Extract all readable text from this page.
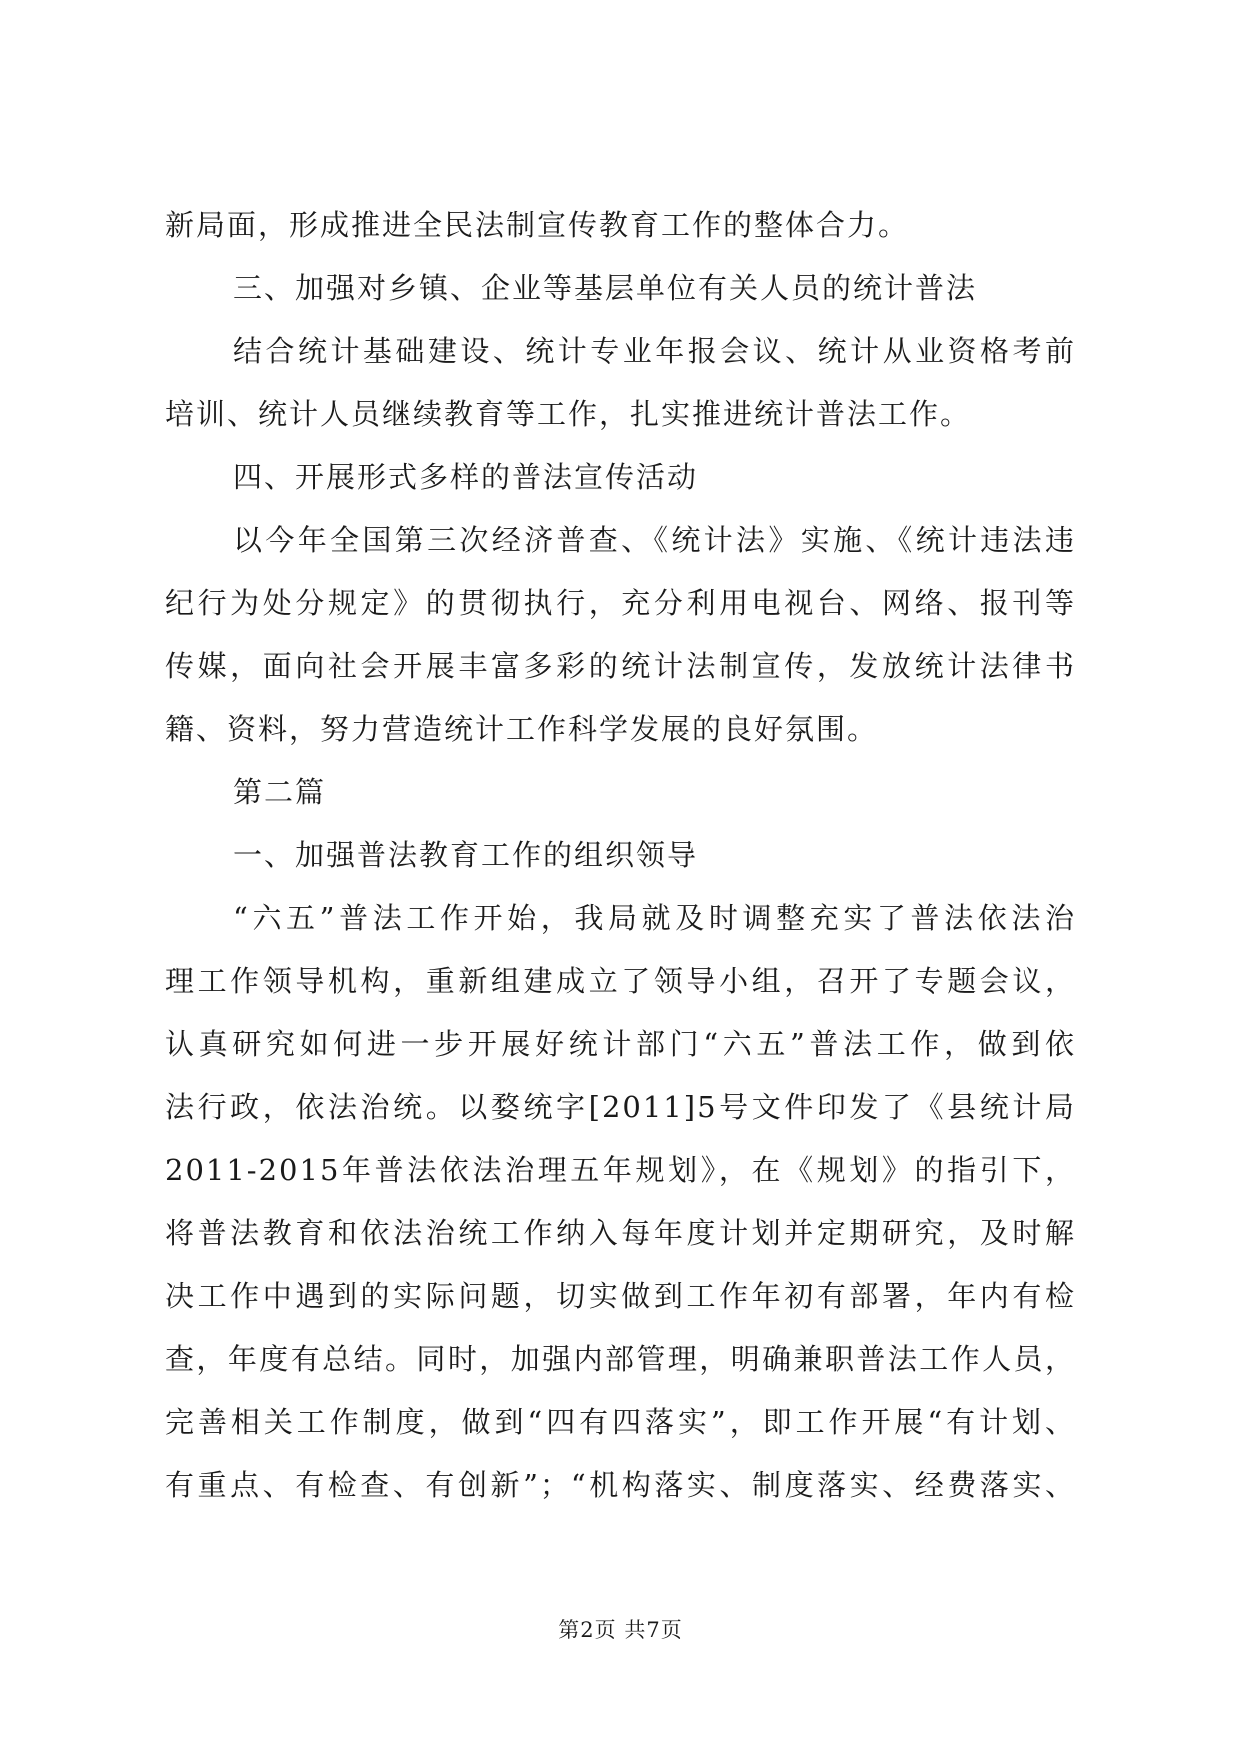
新局面，形成推进全民法制宣传教育工作的整体合力。
三、加强对乡镇、企业等基层单位有关人员的统计普法
结合统计基础建设、统计专业年报会议、统计从业资格考前
培训、统计人员继续教育等工作，扎实推进统计普法工作。
四、开展形式多样的普法宣传活动
以今年全国第三次经济普查、《统计法》实施、《统计违法违
纪行为处分规定》的贯彻执行，充分利用电视台、网络、报刊等
传媒，面向社会开展丰富多彩的统计法制宣传，发放统计法律书
籍、资料，努力营造统计工作科学发展的良好氛围。
第二篇
一、加强普法教育工作的组织领导
“六五”普法工作开始，我局就及时调整充实了普法依法治
理工作领导机构，重新组建成立了领导小组，召开了专题会议，
认真研究如何进一步开展好统计部门“六五”普法工作，做到依
法行政，依法治统。以婺统字[2011]5号文件印发了《县统计局
2011-2015年普法依法治理五年规划》，在《规划》的指引下，
将普法教育和依法治统工作纳入每年度计划并定期研究，及时解
决工作中遇到的实际问题，切实做到工作年初有部署，年内有检
查，年度有总结。同时，加强内部管理，明确兼职普法工作人员，
完善相关工作制度，做到“四有四落实”，即工作开展“有计划、
有重点、有检查、有创新”；“机构落实、制度落实、经费落实、
第2页 共7页
